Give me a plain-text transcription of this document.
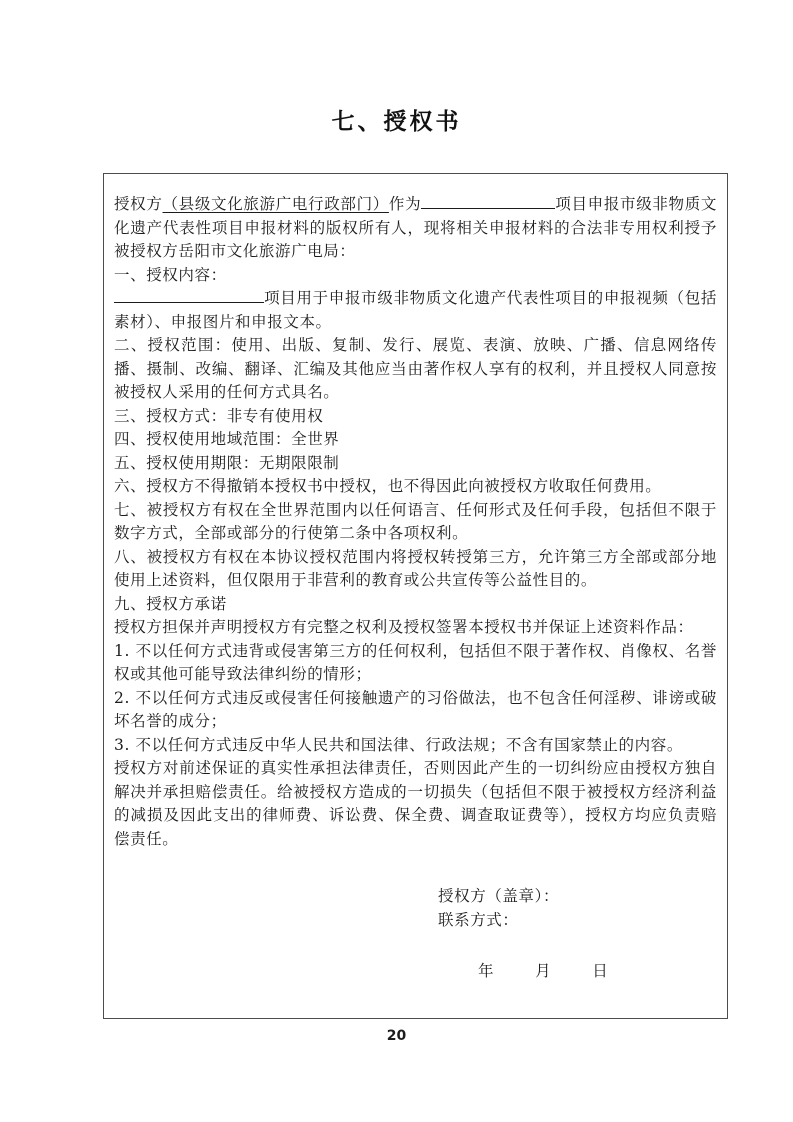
七、授权书

授权方（县级文化旅游广电行政部门）作为	项目申报市级非物质文化遗产代表性项目申报材料的版权所有人，现将相关申报材料的合法非专用权利授予被授权方岳阳市文化旅游广电局：

一、授权内容：

项目用于申报市级非物质文化遗产代表性项目的申报视频（包括素材）、申报图片和申报文本。

二、授权范围：使用、出版、复制、发行、展览、表演、放映、广播、信息网络传播、摄制、改编、翻译、汇编及其他应当由著作权人享有的权利，并且授权人同意按被授权人采用的任何方式具名。

三、授权方式：非专有使用权

四、授权使用地域范围：全世界

五、授权使用期限：无期限限制

六、授权方不得撤销本授权书中授权，也不得因此向被授权方收取任何费用。

七、被授权方有权在全世界范围内以任何语言、任何形式及任何手段，包括但不限于数字方式，全部或部分的行使第二条中各项权利。

八、被授权方有权在本协议授权范围内将授权转授第三方，允许第三方全部或部分地使用上述资料，但仅限用于非营利的教育或公共宣传等公益性目的。

九、授权方承诺

授权方担保并声明授权方有完整之权利及授权签署本授权书并保证上述资料作品：

1. 不以任何方式违背或侵害第三方的任何权利，包括但不限于著作权、肖像权、名誉权或其他可能导致法律纠纷的情形；

2. 不以任何方式违反或侵害任何接触遗产的习俗做法，也不包含任何淫秽、诽谤或破坏名誉的成分；

3. 不以任何方式违反中华人民共和国法律、行政法规；不含有国家禁止的内容。

授权方对前述保证的真实性承担法律责任，否则因此产生的一切纠纷应由授权方独自解决并承担赔偿责任。给被授权方造成的一切损失（包括但不限于被授权方经济利益的减损及因此支出的律师费、诉讼费、保全费、调查取证费等），授权方均应负责赔偿责任。

授权方（盖章）：

联系方式：

年	月	日

20
